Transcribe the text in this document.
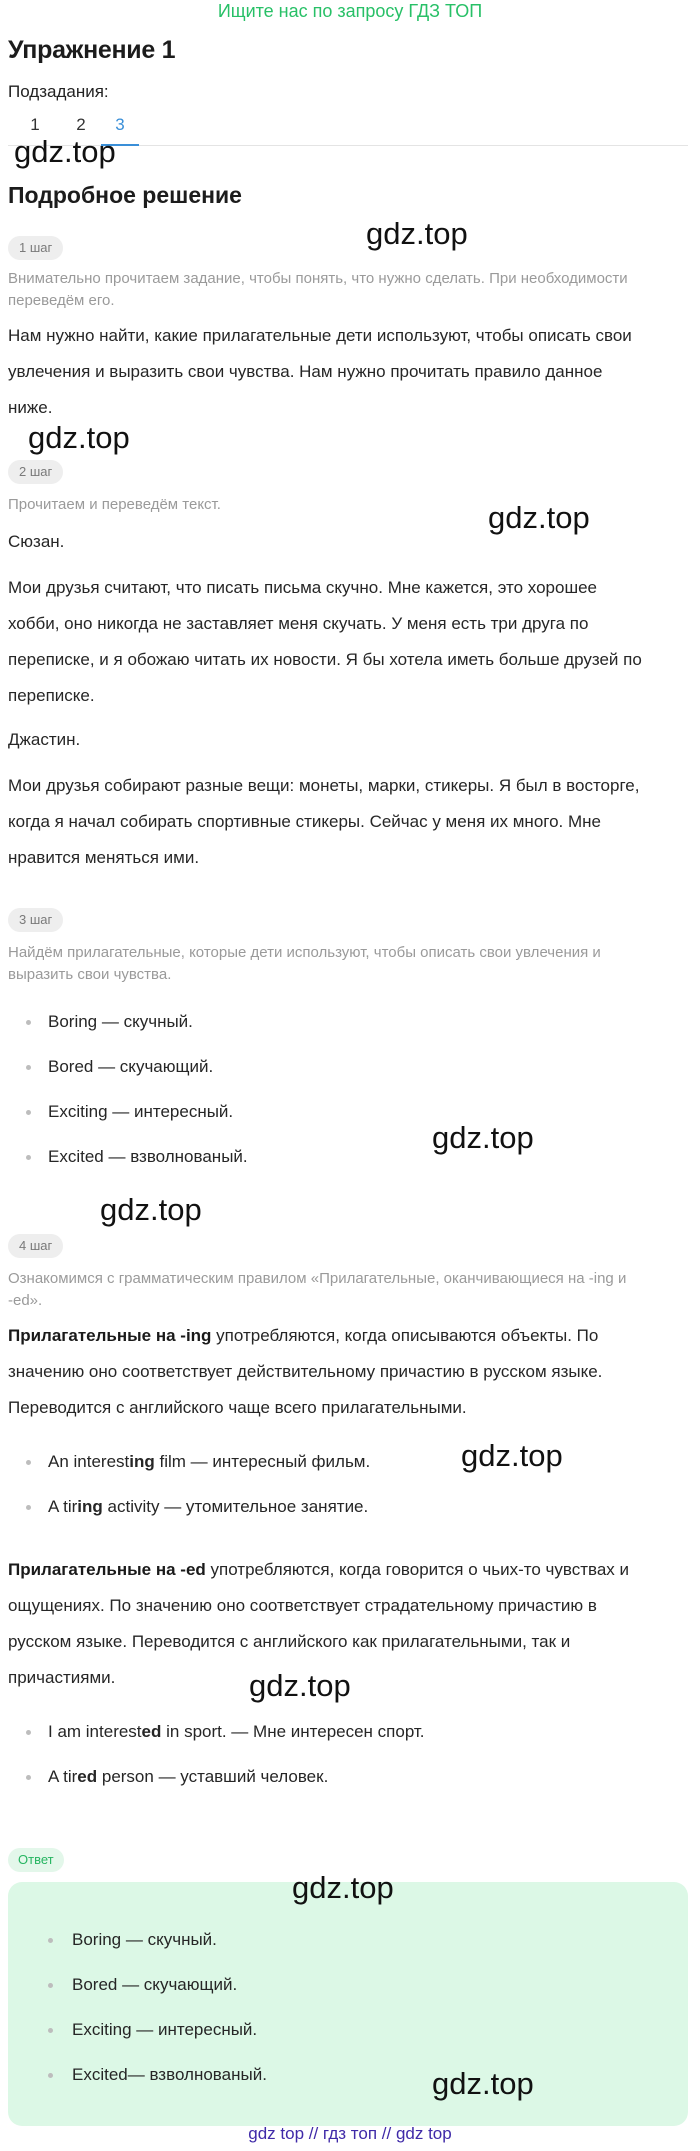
Ищите нас по запросу ГДЗ ТОП
Упражнение 1
Подзадания:
1	2	3
gdz.top
Подробное решение
gdz.top
1 шаг
Внимательно прочитаем задание, чтобы понять, что нужно сделать. При необходимости
переведём его.
Нам нужно найти, какие прилагательные дети используют, чтобы описать свои
увлечения и выразить свои чувства. Нам нужно прочитать правило данное
ниже.
gdz.top
2 шаг
Прочитаем и переведём текст.	gdz.top
Сюзан.
Мои друзья считают, что писать письма скучно. Мне кажется, это хорошее
хобби, оно никогда не заставляет меня скучать. У меня есть три друга по
переписке, и я обожаю читать их новости. Я бы хотела иметь больше друзей по
переписке.
Джастин.
Мои друзья собирают разные вещи: монеты, марки, стикеры. Я был в восторге,
когда я начал собирать спортивные стикеры. Сейчас у меня их много. Мне
нравится меняться ими.
3 шаг
Найдём прилагательные, которые дети используют, чтобы описать свои увлечения и
выразить свои чувства.
Boring — скучный.
Bored — скучающий.
Exciting — интересный.
Excited — взволнованый.
gdz.top
gdz.top
4 шаг
Ознакомимся с грамматическим правилом «Прилагательные, оканчивающиеся на -ing и
-ed».
Прилагательные на -ing употребляются, когда описываются объекты. По
значению оно соответствует действительному причастию в русском языке.
Переводится с английского чаще всего прилагательными.
An interesting film — интересный фильм.	gdz.top
A tiring activity — утомительное занятие.
Прилагательные на -ed употребляются, когда говорится о чьих-то чувствах и
ощущениях. По значению оно соответствует страдательному причастию в
русском языке. Переводится с английского как прилагательными, так и
причастиями.	gdz.top
I am interested in sport. — Мне интересен спорт.
A tired person — уставший человек.
Ответ
gdz.top
Boring — скучный.
Bored — скучающий.
Exciting — интересный.
Excited— взволнованый.	gdz.top
gdz top // гдз топ // gdz top
